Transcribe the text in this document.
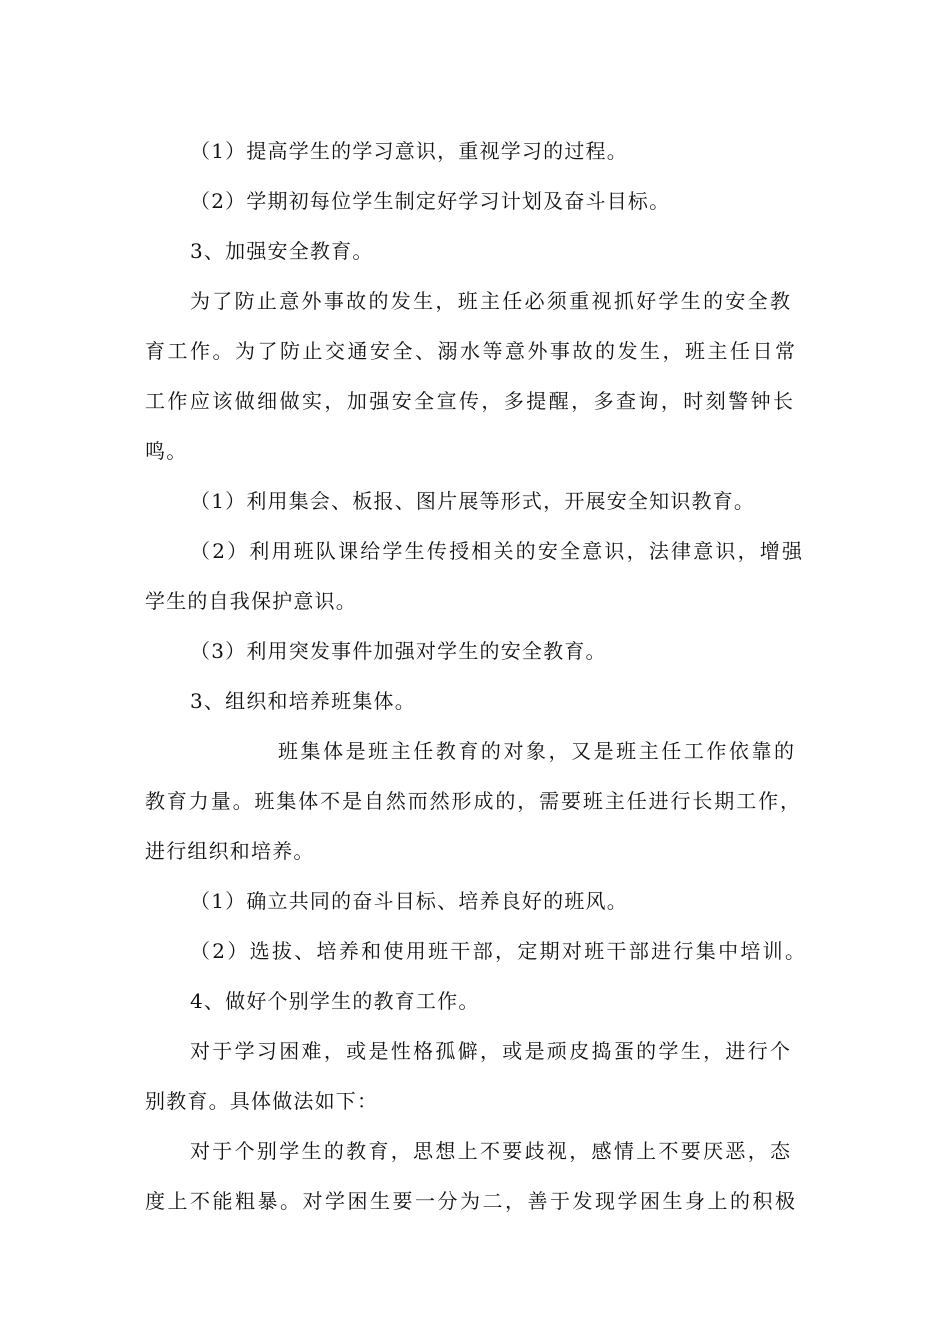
（1）提高学生的学习意识，重视学习的过程。
（2）学期初每位学生制定好学习计划及奋斗目标。
3、加强安全教育。
为了防止意外事故的发生，班主任必须重视抓好学生的安全教
育工作。为了防止交通安全、溺水等意外事故的发生，班主任日常
工作应该做细做实，加强安全宣传，多提醒，多查询，时刻警钟长
鸣。
（1）利用集会、板报、图片展等形式，开展安全知识教育。
（2）利用班队课给学生传授相关的安全意识，法律意识，增强
学生的自我保护意识。
（3）利用突发事件加强对学生的安全教育。
3、组织和培养班集体。
班集体是班主任教育的对象，又是班主任工作依靠的
教育力量。班集体不是自然而然形成的，需要班主任进行长期工作，
进行组织和培养。
（1）确立共同的奋斗目标、培养良好的班风。
（2）选拔、培养和使用班干部，定期对班干部进行集中培训。
4、做好个别学生的教育工作。
对于学习困难，或是性格孤僻，或是顽皮捣蛋的学生，进行个
别教育。具体做法如下：
对于个别学生的教育，思想上不要歧视，感情上不要厌恶，态
度上不能粗暴。对学困生要一分为二，善于发现学困生身上的积极
